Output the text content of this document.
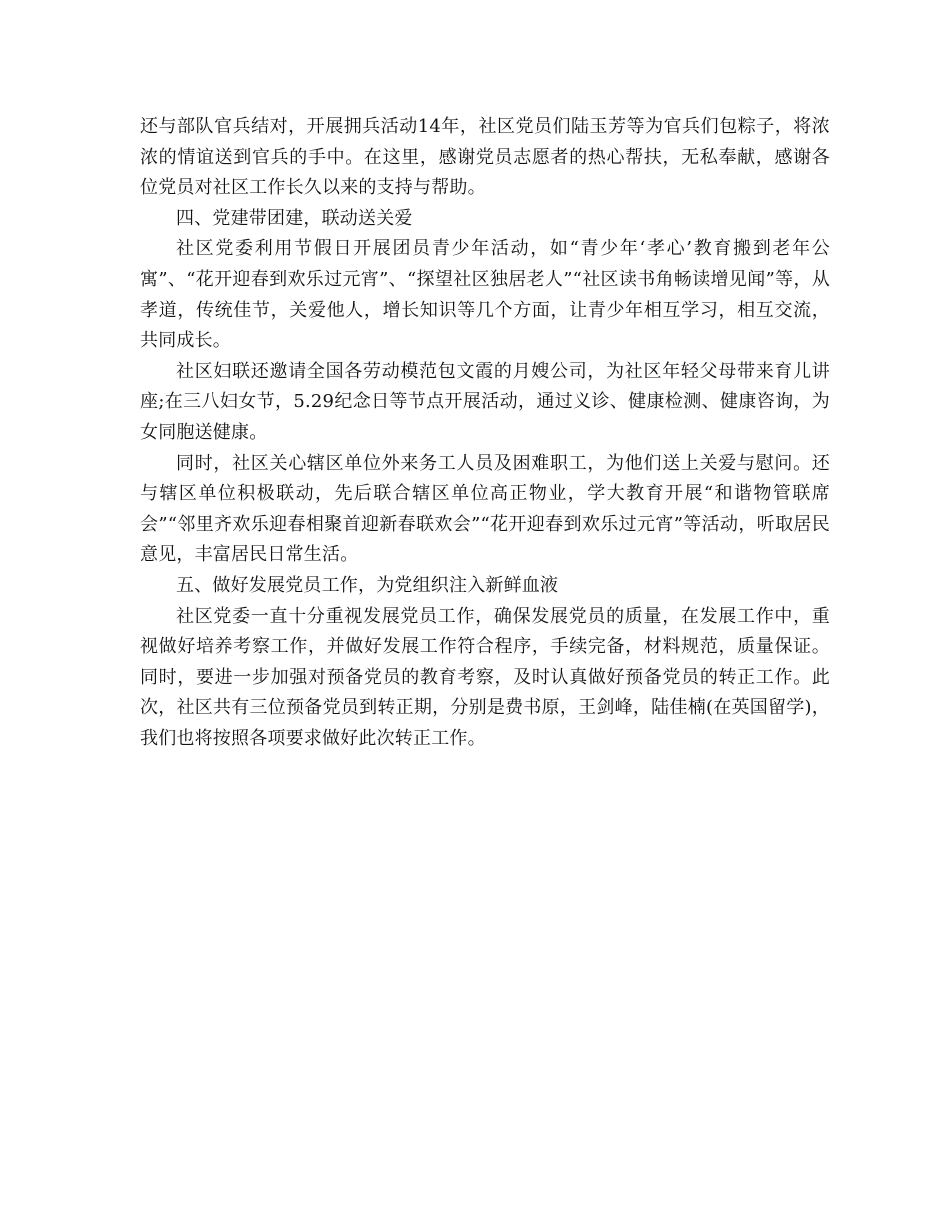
还与部队官兵结对，开展拥兵活动14年，社区党员们陆玉芳等为官兵们包粽子，将浓浓的情谊送到官兵的手中。在这里，感谢党员志愿者的热心帮扶，无私奉献，感谢各位党员对社区工作长久以来的支持与帮助。

四、党建带团建，联动送关爱

社区党委利用节假日开展团员青少年活动，如“青少年‘孝心’教育搬到老年公寓”、“花开迎春到欢乐过元宵”、“探望社区独居老人”“社区读书角畅读增见闻”等，从孝道，传统佳节，关爱他人，增长知识等几个方面，让青少年相互学习，相互交流，共同成长。

社区妇联还邀请全国各劳动模范包文霞的月嫂公司，为社区年轻父母带来育儿讲座;在三八妇女节，5.29纪念日等节点开展活动，通过义诊、健康检测、健康咨询，为女同胞送健康。

同时，社区关心辖区单位外来务工人员及困难职工，为他们送上关爱与慰问。还与辖区单位积极联动，先后联合辖区单位高正物业，学大教育开展“和谐物管联席会”“邻里齐欢乐迎春相聚首迎新春联欢会”“花开迎春到欢乐过元宵”等活动，听取居民意见，丰富居民日常生活。

五、做好发展党员工作，为党组织注入新鲜血液

社区党委一直十分重视发展党员工作，确保发展党员的质量，在发展工作中，重视做好培养考察工作，并做好发展工作符合程序，手续完备，材料规范，质量保证。同时，要进一步加强对预备党员的教育考察，及时认真做好预备党员的转正工作。此次，社区共有三位预备党员到转正期，分别是费书原，王剑峰，陆佳楠(在英国留学)，我们也将按照各项要求做好此次转正工作。
